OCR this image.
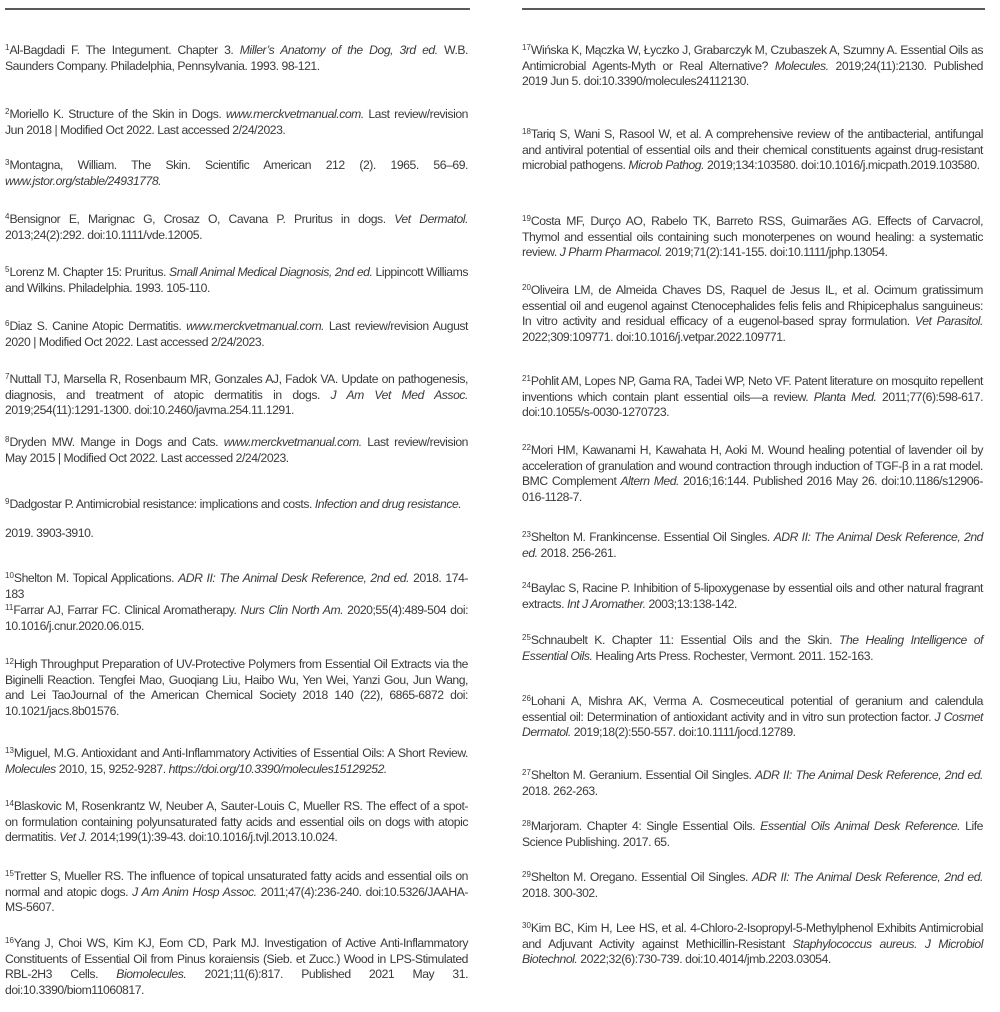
$^1$Al-Bagdadi F. The Integument. Chapter 3. Miller’s Anatomy of the Dog, 3rd ed. W.B. Saunders Company. Philadelphia, Pennsylvania. 1993. 98-121.

$^2$Moriello K. Structure of the Skin in Dogs. www.merckvetmanual.com. Last review/revision Jun 2018 | Modified Oct 2022. Last accessed 2/24/2023.

$^3$Montagna, William. The Skin. Scientific American 212 (2). 1965. 56–69. www.jstor.org/stable/24931778.

$^4$Bensignor E, Marignac G, Crosaz O, Cavana P. Pruritus in dogs. Vet Dermatol. 2013;24(2):292. doi:10.1111/vde.12005.

$^5$Lorenz M. Chapter 15: Pruritus. Small Animal Medical Diagnosis, 2nd ed. Lippincott Williams and Wilkins. Philadelphia. 1993. 105-110.

$^6$Diaz S. Canine Atopic Dermatitis. www.merckvetmanual.com. Last review/revision August 2020 | Modified Oct 2022. Last accessed 2/24/2023.

$^7$Nuttall TJ, Marsella R, Rosenbaum MR, Gonzales AJ, Fadok VA. Update on pathogenesis, diagnosis, and treatment of atopic dermatitis in dogs. J Am Vet Med Assoc. 2019;254(11):1291-1300. doi:10.2460/javma.254.11.1291.

$^8$Dryden MW. Mange in Dogs and Cats. www.merckvetmanual.com. Last review/revision May 2015 | Modified Oct 2022. Last accessed 2/24/2023.

$^9$Dadgostar P. Antimicrobial resistance: implications and costs. Infection and drug resistance.

2019. 3903-3910.

$^{10}$Shelton M. Topical Applications. ADR II: The Animal Desk Reference, 2nd ed. 2018. 174-183

$^{11}$Farrar AJ, Farrar FC. Clinical Aromatherapy. Nurs Clin North Am. 2020;55(4):489-504 doi: 10.1016/j.cnur.2020.06.015.

$^{12}$High Throughput Preparation of UV-Protective Polymers from Essential Oil Extracts via the Biginelli Reaction. Tengfei Mao, Guoqiang Liu, Haibo Wu, Yen Wei, Yanzi Gou, Jun Wang, and Lei TaoJournal of the American Chemical Society 2018 140 (22), 6865-6872 doi: 10.1021/jacs.8b01576.

$^{13}$Miguel, M.G. Antioxidant and Anti-Inflammatory Activities of Essential Oils: A Short Review. Molecules 2010, 15, 9252-9287. https://doi.org/10.3390/molecules15129252.

$^{14}$Blaskovic M, Rosenkrantz W, Neuber A, Sauter-Louis C, Mueller RS. The effect of a spot-on formulation containing polyunsaturated fatty acids and essential oils on dogs with atopic dermatitis. Vet J. 2014;199(1):39-43. doi:10.1016/j.tvjl.2013.10.024.

$^{15}$Tretter S, Mueller RS. The influence of topical unsaturated fatty acids and essential oils on normal and atopic dogs. J Am Anim Hosp Assoc. 2011;47(4):236-240. doi:10.5326/JAAHA-MS-5607.

$^{16}$Yang J, Choi WS, Kim KJ, Eom CD, Park MJ. Investigation of Active Anti-Inflammatory Constituents of Essential Oil from Pinus koraiensis (Sieb. et Zucc.) Wood in LPS-Stimulated RBL-2H3 Cells. Biomolecules. 2021;11(6):817. Published 2021 May 31. doi:10.3390/biom11060817.

$^{17}$Wińska K, Mączka W, Łyczko J, Grabarczyk M, Czubaszek A, Szumny A. Essential Oils as Antimicrobial Agents-Myth or Real Alternative? Molecules. 2019;24(11):2130. Published 2019 Jun 5. doi:10.3390/molecules24112130.

$^{18}$Tariq S, Wani S, Rasool W, et al. A comprehensive review of the antibacterial, antifungal and antiviral potential of essential oils and their chemical constituents against drug-resistant microbial pathogens. Microb Pathog. 2019;134:103580. doi:10.1016/j.micpath.2019.103580.

$^{19}$Costa MF, Durço AO, Rabelo TK, Barreto RSS, Guimarães AG. Effects of Carvacrol, Thymol and essential oils containing such monoterpenes on wound healing: a systematic review. J Pharm Pharmacol. 2019;71(2):141-155. doi:10.1111/jphp.13054.

$^{20}$Oliveira LM, de Almeida Chaves DS, Raquel de Jesus IL, et al. Ocimum gratissimum essential oil and eugenol against Ctenocephalides felis felis and Rhipicephalus sanguineus: In vitro activity and residual efficacy of a eugenol-based spray formulation. Vet Parasitol. 2022;309:109771. doi:10.1016/j.vetpar.2022.109771.

$^{21}$Pohlit AM, Lopes NP, Gama RA, Tadei WP, Neto VF. Patent literature on mosquito repellent inventions which contain plant essential oils—a review. Planta Med. 2011;77(6):598-617. doi:10.1055/s-0030-1270723.

$^{22}$Mori HM, Kawanami H, Kawahata H, Aoki M. Wound healing potential of lavender oil by acceleration of granulation and wound contraction through induction of TGF-β in a rat model. BMC Complement Altern Med. 2016;16:144. Published 2016 May 26. doi:10.1186/s12906-016-1128-7.

$^{23}$Shelton M. Frankincense. Essential Oil Singles. ADR II: The Animal Desk Reference, 2nd ed. 2018. 256-261.

$^{24}$Baylac S, Racine P. Inhibition of 5-lipoxygenase by essential oils and other natural fragrant extracts. Int J Aromather. 2003;13:138-142.

$^{25}$Schnaubelt K. Chapter 11: Essential Oils and the Skin. The Healing Intelligence of Essential Oils. Healing Arts Press. Rochester, Vermont. 2011. 152-163.

$^{26}$Lohani A, Mishra AK, Verma A. Cosmeceutical potential of geranium and calendula essential oil: Determination of antioxidant activity and in vitro sun protection factor. J Cosmet Dermatol. 2019;18(2):550-557. doi:10.1111/jocd.12789.

$^{27}$Shelton M. Geranium. Essential Oil Singles. ADR II: The Animal Desk Reference, 2nd ed. 2018. 262-263.

$^{28}$Marjoram. Chapter 4: Single Essential Oils. Essential Oils Animal Desk Reference. Life Science Publishing. 2017. 65.

$^{29}$Shelton M. Oregano. Essential Oil Singles. ADR II: The Animal Desk Reference, 2nd ed. 2018. 300-302.

$^{30}$Kim BC, Kim H, Lee HS, et al. 4-Chloro-2-Isopropyl-5-Methylphenol Exhibits Antimicrobial and Adjuvant Activity against Methicillin-Resistant Staphylococcus aureus. J Microbiol Biotechnol. 2022;32(6):730-739. doi:10.4014/jmb.2203.03054.
